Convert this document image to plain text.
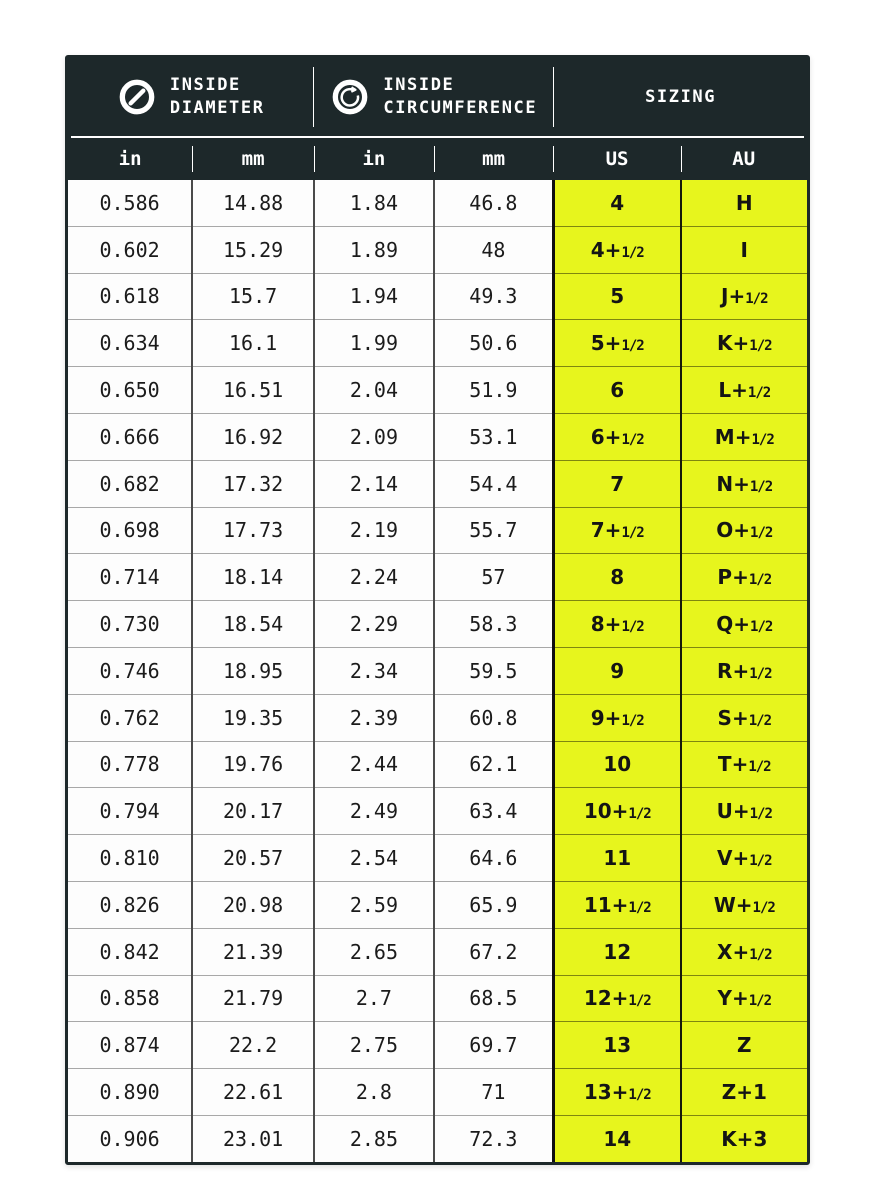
INSIDE
DIAMETER
INSIDE
CIRCUMFERENCE
SIZING
in	mm	in	mm	US	AU
0.586	14.88	1.84	46.8	4	H
0.602	15.29	1.89	48	4+1/2	I
0.618	15.7	1.94	49.3	5	J+1/2
0.634	16.1	1.99	50.6	5+1/2	K+1/2
0.650	16.51	2.04	51.9	6	L+1/2
0.666	16.92	2.09	53.1	6+1/2	M+1/2
0.682	17.32	2.14	54.4	7	N+1/2
0.698	17.73	2.19	55.7	7+1/2	O+1/2
0.714	18.14	2.24	57	8	P+1/2
0.730	18.54	2.29	58.3	8+1/2	Q+1/2
0.746	18.95	2.34	59.5	9	R+1/2
0.762	19.35	2.39	60.8	9+1/2	S+1/2
0.778	19.76	2.44	62.1	10	T+1/2
0.794	20.17	2.49	63.4	10+1/2	U+1/2
0.810	20.57	2.54	64.6	11	V+1/2
0.826	20.98	2.59	65.9	11+1/2	W+1/2
0.842	21.39	2.65	67.2	12	X+1/2
0.858	21.79	2.7	68.5	12+1/2	Y+1/2
0.874	22.2	2.75	69.7	13	Z
0.890	22.61	2.8	71	13+1/2	Z+1
0.906	23.01	2.85	72.3	14	K+3
